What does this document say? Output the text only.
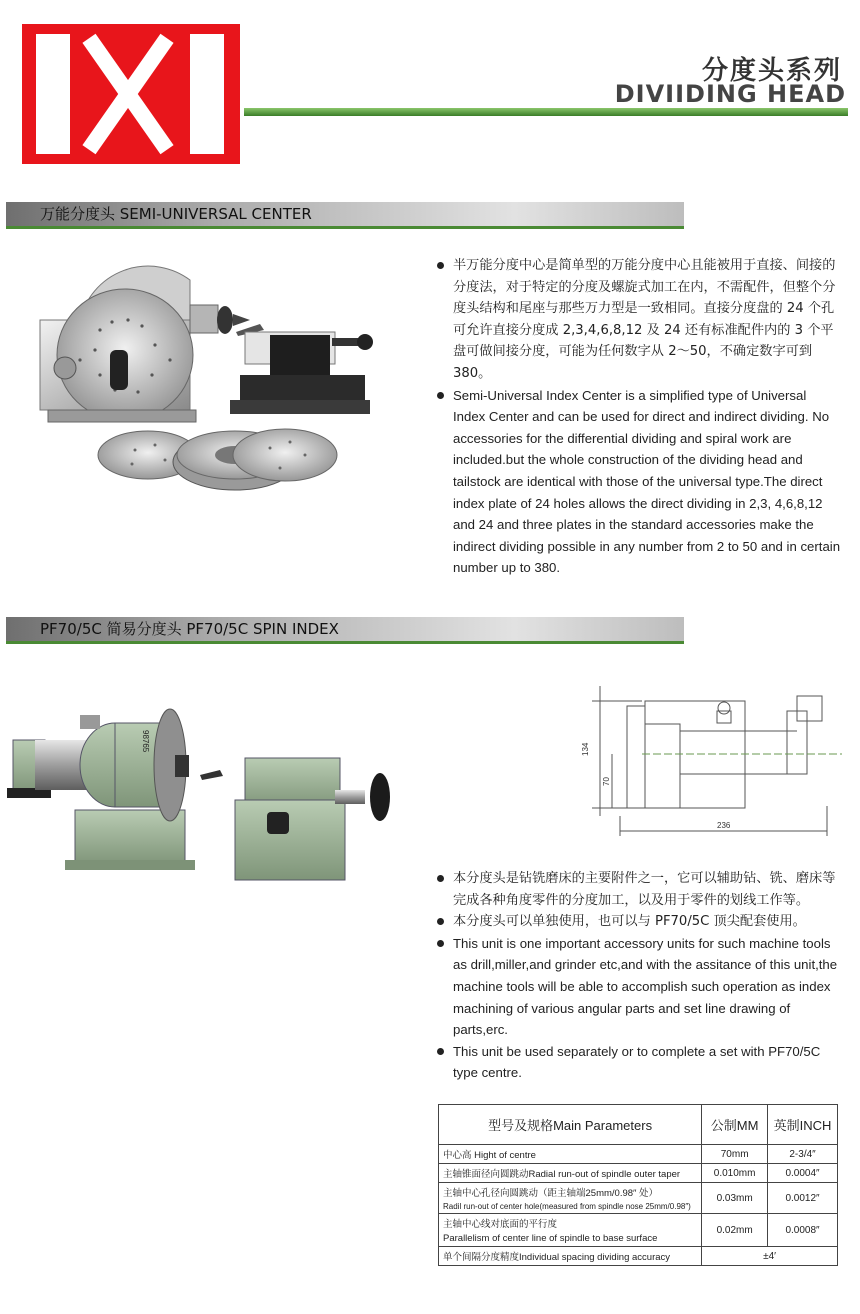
分度头系列
DIVIIDING HEAD
万能分度头 SEMI-UNIVERSAL CENTER
半万能分度中心是简单型的万能分度中心且能被用于直接、间接的分度法，对于特定的分度及螺旋式加工在内，不需配件，但整个分度头结构和尾座与那些万力型是一致相同。直接分度盘的 24 个孔可允许直接分度成 2,3,4,6,8,12 及 24 还有标准配件内的 3 个平盘可做间接分度，可能为任何数字从 2～50，不确定数字可到 380。
Semi-Universal Index Center is a simplified type of Universal Index Center and can be used for direct and indirect dividing. No accessories for the differential dividing and spiral work are included.but the whole construction of the dividing head and tailstock are identical with those of the universal type.The direct index plate of 24 holes allows the direct dividing in 2,3, 4,6,8,12 and 24 and three plates in the standard accessories make the indirect dividing possible in any number from 2 to 50 and in certain number up to 380.
PF70/5C 简易分度头 PF70/5C SPIN INDEX
98765	134
70
236
本分度头是钻铣磨床的主要附件之一，它可以辅助钻、铣、磨床等完成各种角度零件的分度加工，以及用于零件的划线工作等。
本分度头可以单独使用，也可以与 PF70/5C 顶尖配套使用。
This unit is one important accessory units for such machine tools as drill,miller,and grinder etc,and with the assitance of this unit,the machine tools will be able to accomplish such operation as index machining of various angular parts and set line drawing of parts,erc.
This unit be used separately or to complete a set with PF70/5C type centre.
型号及规格Main Parameters	公制MM	英制INCH
中心高 Hight of centre	70mm	2-3/4″
主轴锥面径向圆跳动Radial run-out of spindle outer taper	0.010mm	0.0004″

主轴中心孔径向圆跳动（距主轴端25mm/0.98″ 处）
Radil run-out of center hole(measured from spindle nose 25mm/0.98″)	0.03mm	0.0012″

主轴中心线对底面的平行度
Parallelism of center line of spindle to base surface	0.02mm	0.0008″
单个间隔分度精度Individual spacing dividing accuracy	±4′	
